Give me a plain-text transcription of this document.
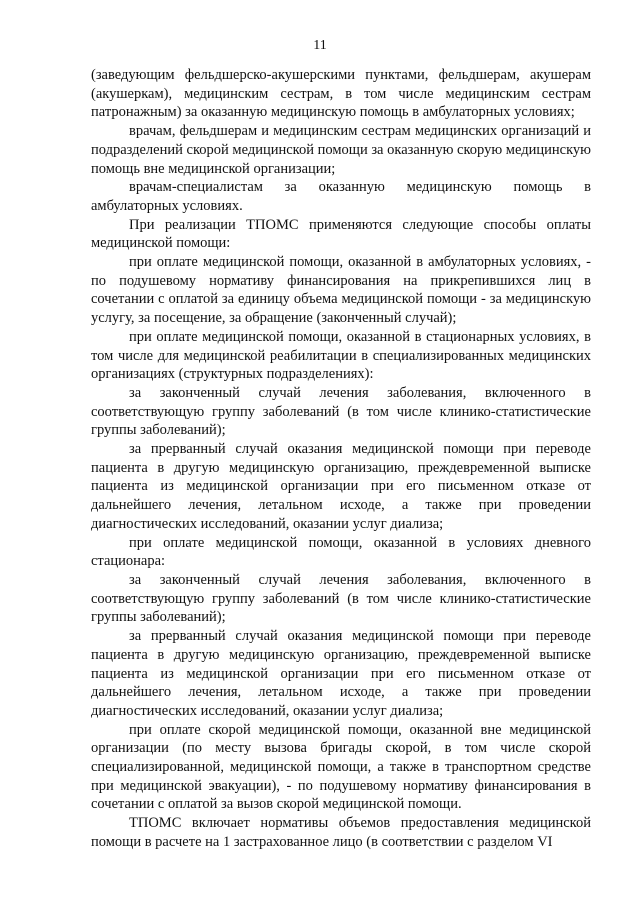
11

(заведующим фельдшерско-акушерскими пунктами, фельдшерам, акушерам (акушеркам), медицинским сестрам, в том числе медицинским сестрам патронажным) за оказанную медицинскую помощь в амбулаторных условиях;

врачам, фельдшерам и медицинским сестрам медицинских организаций и подразделений скорой медицинской помощи за оказанную скорую медицинскую помощь вне медицинской организации;

врачам-специалистам за оказанную медицинскую помощь в амбулаторных условиях.

При реализации ТПОМС применяются следующие способы оплаты медицинской помощи:

при оплате медицинской помощи, оказанной в амбулаторных условиях, - по подушевому нормативу финансирования на прикрепившихся лиц в сочетании с оплатой за единицу объема медицинской помощи - за медицинскую услугу, за посещение, за обращение (законченный случай);

при оплате медицинской помощи, оказанной в стационарных условиях, в том числе для медицинской реабилитации в специализированных медицинских организациях (структурных подразделениях):

за законченный случай лечения заболевания, включенного в соответствующую группу заболеваний (в том числе клинико-статистические группы заболеваний);

за прерванный случай оказания медицинской помощи при переводе пациента в другую медицинскую организацию, преждевременной выписке пациента из медицинской организации при его письменном отказе от дальнейшего лечения, летальном исходе, а также при проведении диагностических исследований, оказании услуг диализа;

при оплате медицинской помощи, оказанной в условиях дневного стационара:

за законченный случай лечения заболевания, включенного в соответствующую группу заболеваний (в том числе клинико-статистические группы заболеваний);

за прерванный случай оказания медицинской помощи при переводе пациента в другую медицинскую организацию, преждевременной выписке пациента из медицинской организации при его письменном отказе от дальнейшего лечения, летальном исходе, а также при проведении диагностических исследований, оказании услуг диализа;

при оплате скорой медицинской помощи, оказанной вне медицинской организации (по месту вызова бригады скорой, в том числе скорой специализированной, медицинской помощи, а также в транспортном средстве при медицинской эвакуации), - по подушевому нормативу финансирования в сочетании с оплатой за вызов скорой медицинской помощи.

ТПОМС включает нормативы объемов предоставления медицинской помощи в расчете на 1 застрахованное лицо (в соответствии с разделом VI
